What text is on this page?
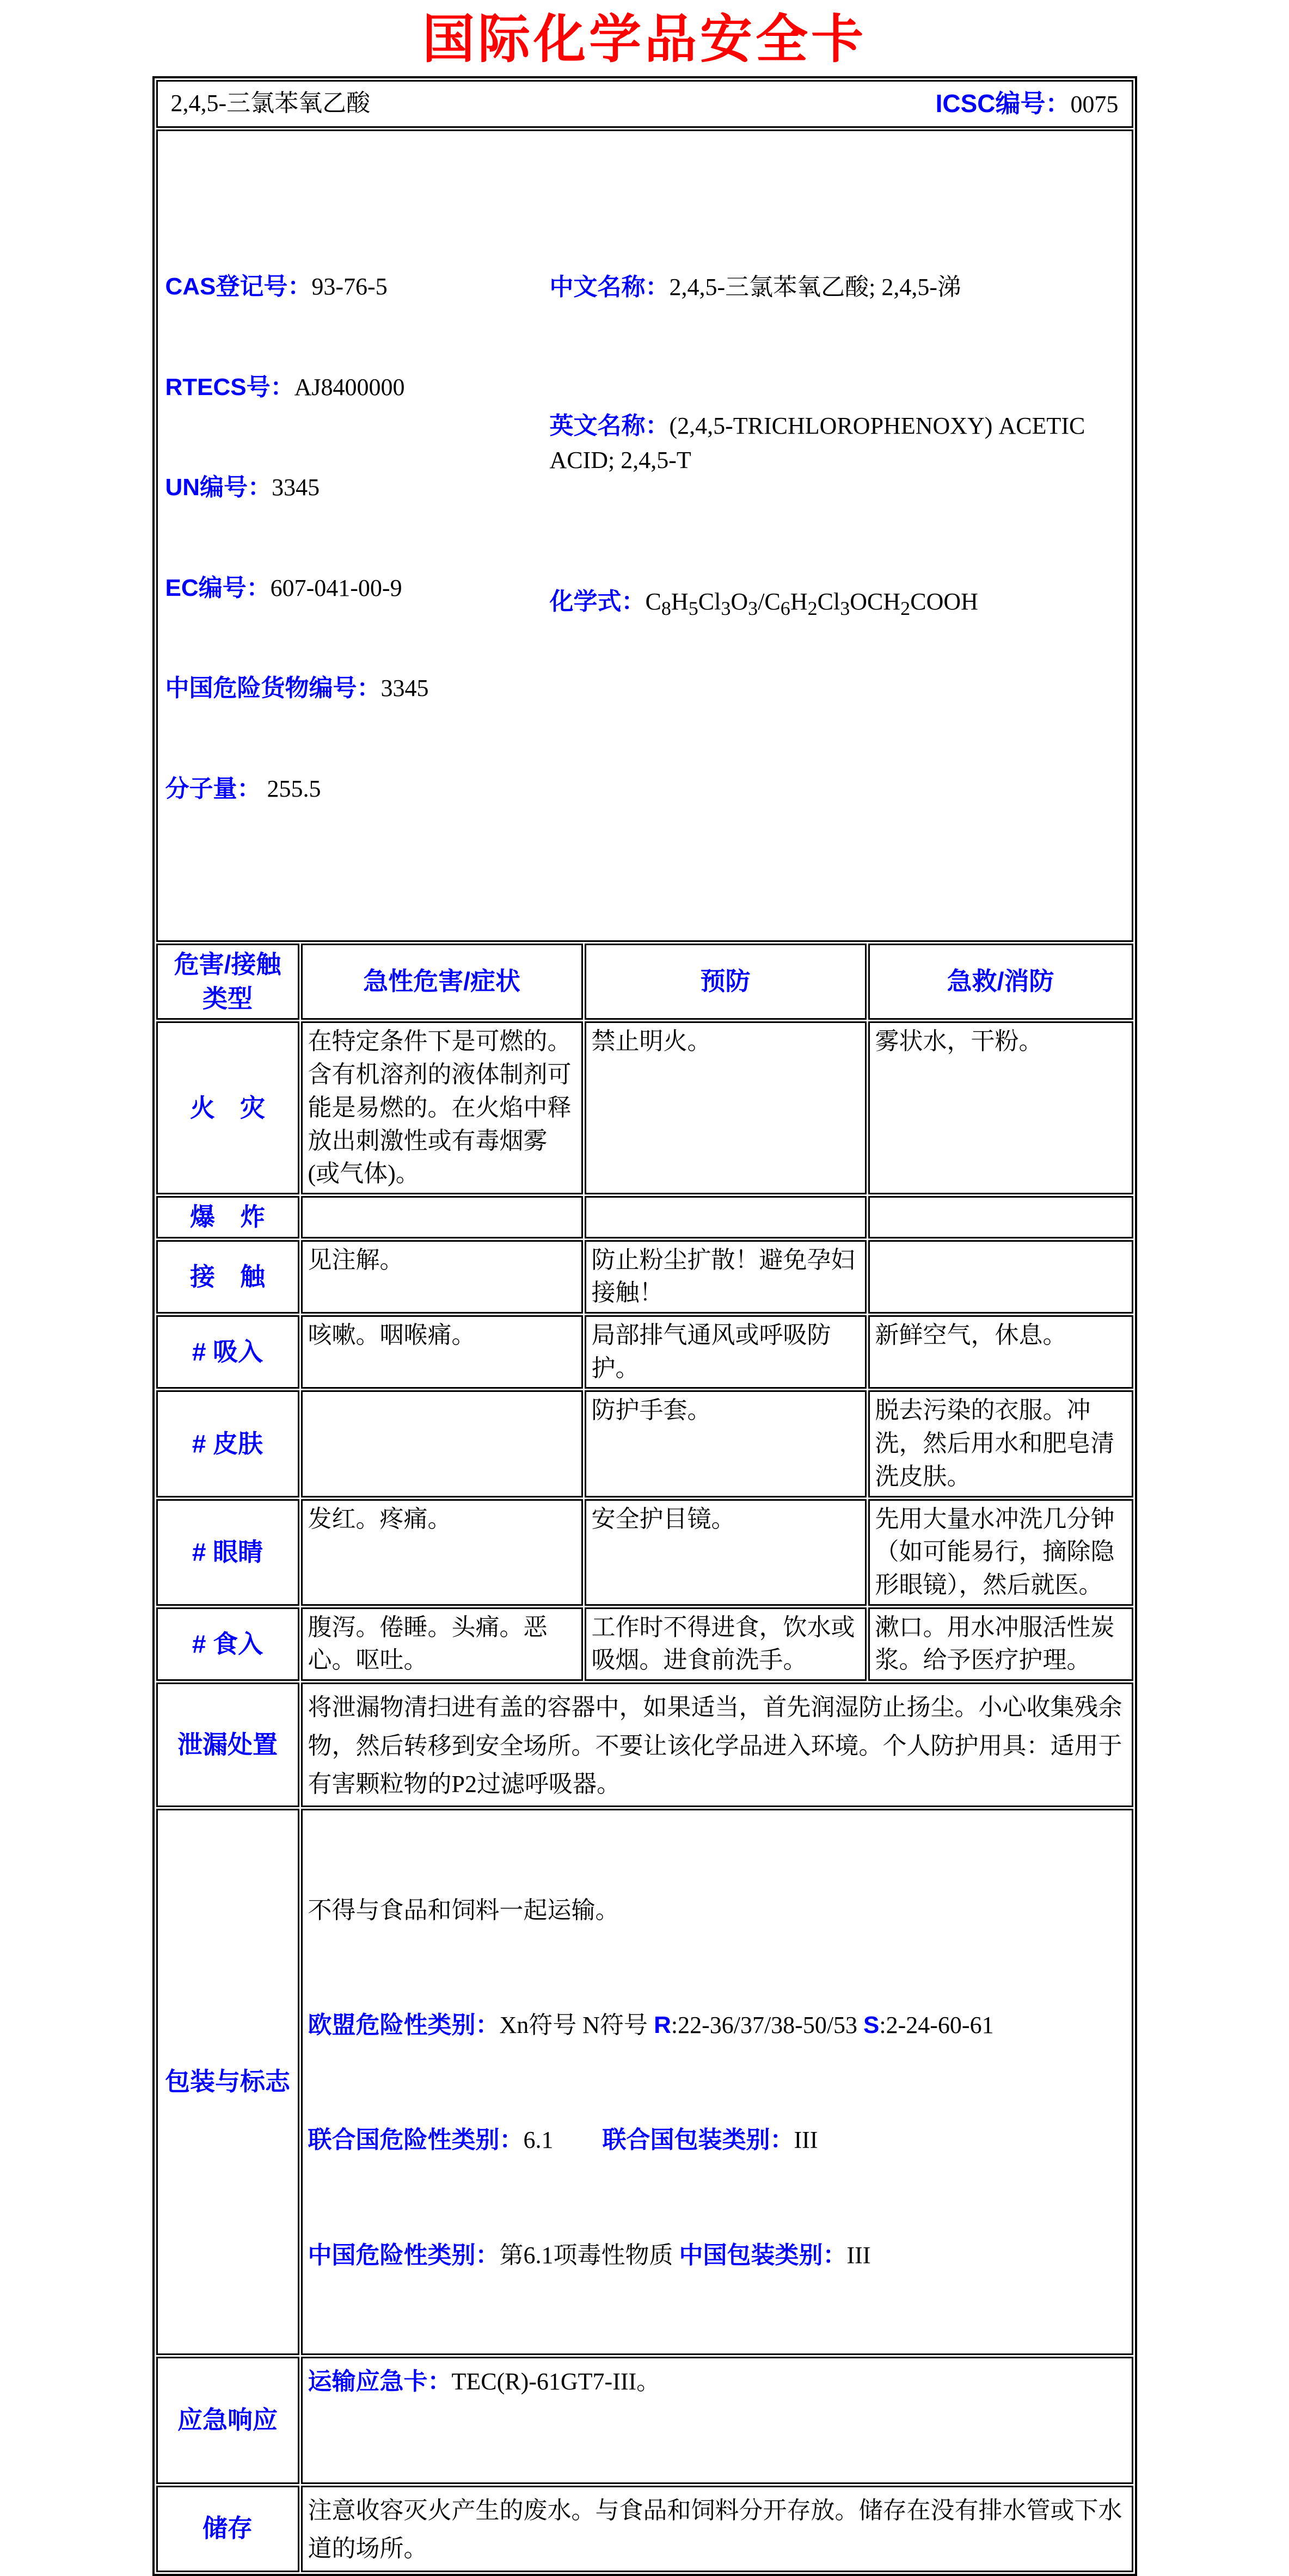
国际化学品安全卡
2,4,5-三氯苯氧乙酸 ICSC编号：0075			

CAS登记号：93-76-5

RTECS号：AJ8400000

UN编号：3345

EC编号：607-041-00-9

中国危险货物编号：3345

分子量： 255.5

中文名称：2,4,5-三氯苯氧乙酸; 2,4,5-涕

英文名称：(2,4,5-TRICHLOROPHENOXY) ACETIC ACID; 2,4,5-T

化学式：$C_8H_5Cl_3O_3/C_6H_2Cl_3OCH_2COOH$

危害/接触类型	急性危害/症状	预防	急救/消防
火　灾	在特定条件下是可燃的。含有机溶剂的液体制剂可能是易燃的。在火焰中释放出刺激性或有毒烟雾(或气体)。	禁止明火。	雾状水，干粉。
爆　炸			
接　触	见注解。	防止粉尘扩散！避免孕妇接触！	
# 吸入	咳嗽。咽喉痛。	局部排气通风或呼吸防护。	新鲜空气，休息。
# 皮肤		防护手套。	脱去污染的衣服。冲洗，然后用水和肥皂清洗皮肤。
# 眼睛	发红。疼痛。	安全护目镜。	先用大量水冲洗几分钟（如可能易行，摘除隐形眼镜），然后就医。
# 食入	腹泻。倦睡。头痛。恶心。呕吐。	工作时不得进食，饮水或吸烟。进食前洗手。	漱口。用水冲服活性炭浆。给予医疗护理。
泄漏处置	将泄漏物清扫进有盖的容器中，如果适当，首先润湿防止扬尘。小心收集残余物，然后转移到安全场所。不要让该化学品进入环境。个人防护用具：适用于有害颗粒物的P2过滤呼吸器。		
包装与标志	不得与食品和饲料一起运输。

欧盟危险性类别：Xn符号 N符号 R:22-36/37/38-50/53 S:2-24-60-61

联合国危险性类别：6.1 联合国包装类别：III

中国危险性类别：第6.1项毒性物质 中国包装类别：III		

应急响应	运输应急卡：TEC(R)-61GT7-III。		
储存	注意收容灭火产生的废水。与食品和饲料分开存放。储存在没有排水管或下水道的场所。		
